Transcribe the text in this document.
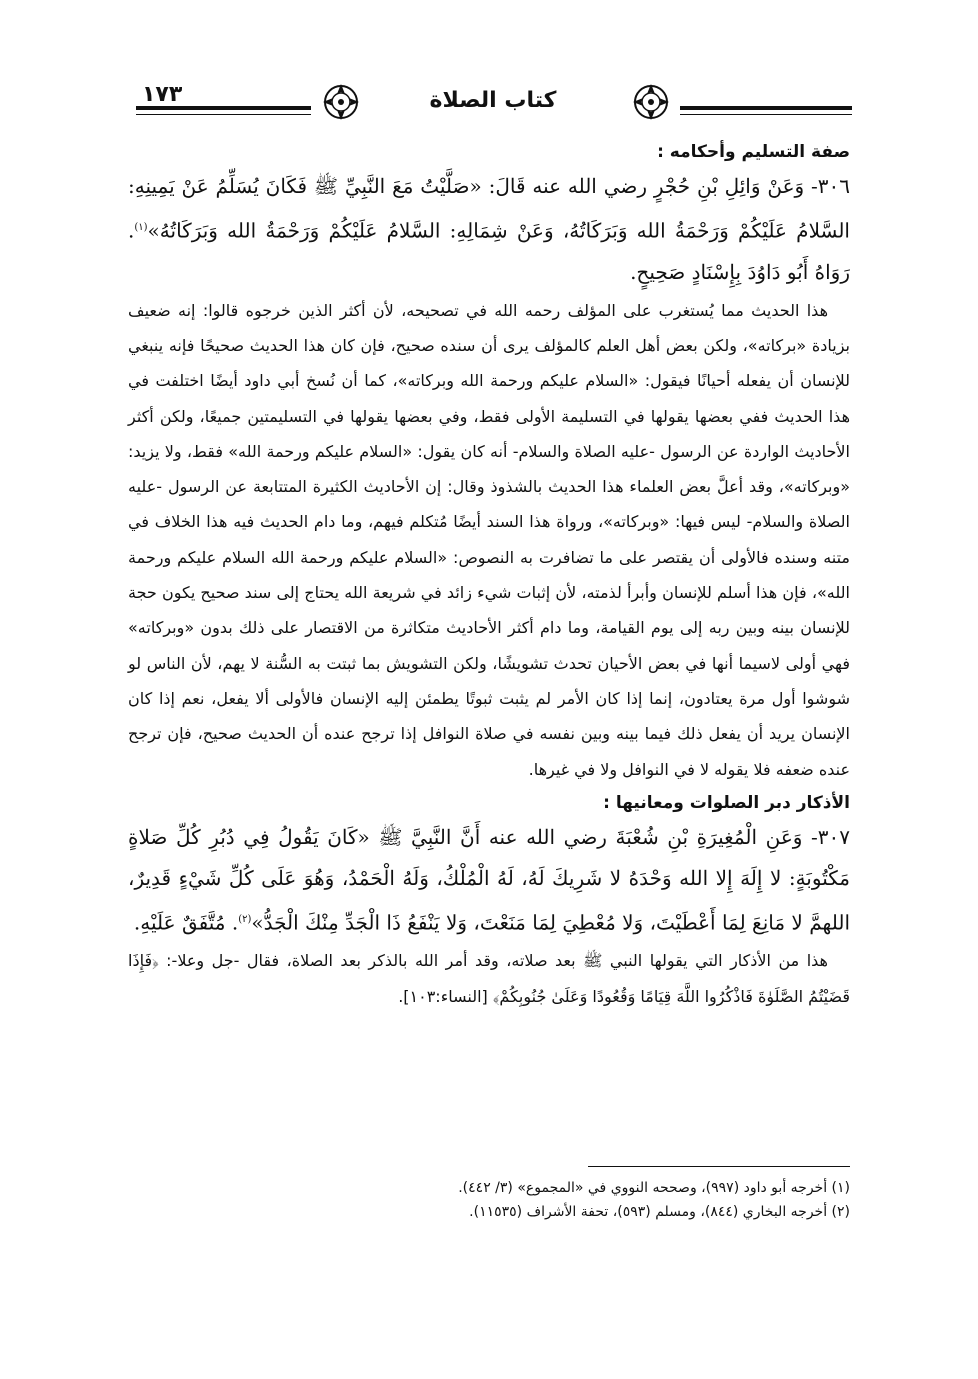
١٧٣	كتاب الصلاة

صفة التسليم وأحكامه :

٣٠٦- وَعَنْ وَائِلِ بْنِ حُجْرٍ رضي الله عنه قَالَ: «صَلَّيْتُ مَعَ النَّبِيِّ ﷺ فَكَانَ يُسَلِّمُ عَنْ يَمِينِهِ: السَّلامُ عَلَيْكُمْ وَرَحْمَةُ الله وَبَرَكَاتُهُ، وَعَنْ شِمَالِهِ: السَّلامُ عَلَيْكُمْ وَرَحْمَةُ الله وَبَرَكَاتُهُ»$^{(١)}$. رَوَاهُ أَبُو دَاوُدَ بِإِسْنَادٍ صَحِيحٍ.

هذا الحديث مما يُستغرب على المؤلف رحمه الله في تصحيحه، لأن أكثر الذين خرجوه قالوا: إنه ضعيف بزيادة «بركاته»، ولكن بعض أهل العلم كالمؤلف يرى أن سنده صحيح، فإن كان هذا الحديث صحيحًا فإنه ينبغي للإنسان أن يفعله أحيانًا فيقول: «السلام عليكم ورحمة الله وبركاته»، كما أن نُسخ أبي داود أيضًا اختلفت في هذا الحديث ففي بعضها يقولها في التسليمة الأولى فقط، وفي بعضها يقولها في التسليمتين جميعًا، ولكن أكثر الأحاديث الواردة عن الرسول -عليه الصلاة والسلام- أنه كان يقول: «السلام عليكم ورحمة الله» فقط، ولا يزيد: «وبركاته»، وقد أعلَّ بعض العلماء هذا الحديث بالشذوذ وقال: إن الأحاديث الكثيرة المتتابعة عن الرسول -عليه الصلاة والسلام- ليس فيها: «وبركاته»، ورواة هذا السند أيضًا مُتكلم فيهم، وما دام الحديث فيه هذا الخلاف في متنه وسنده فالأولى أن يقتصر على ما تضافرت به النصوص: «السلام عليكم ورحمة الله السلام عليكم ورحمة الله»، فإن هذا أسلم للإنسان وأبرأ لذمته، لأن إثبات شيء زائد في شريعة الله يحتاج إلى سند صحيح يكون حجة للإنسان بينه وبين ربه إلى يوم القيامة، وما دام أكثر الأحاديث متكاثرة من الاقتصار على ذلك بدون «وبركاته» فهي أولى لاسيما أنها في بعض الأحيان تحدث تشويشًا، ولكن التشويش بما ثبتت به السُّنة لا يهم، لأن الناس لو شوشوا أول مرة يعتادون، إنما إذا كان الأمر لم يثبت ثبوتًا يطمئن إليه الإنسان فالأولى ألا يفعل، نعم إذا كان الإنسان يريد أن يفعل ذلك فيما بينه وبين نفسه في صلاة النوافل إذا ترجح عنده أن الحديث صحيح، فإن ترجح عنده ضعفه فلا يقوله لا في النوافل ولا في غيرها.

الأذكار دبر الصلوات ومعانيها :

٣٠٧- وَعَنِ الْمُغِيرَةِ بْنِ شُعْبَةَ رضي الله عنه أَنَّ النَّبِيَّ ﷺ «كَانَ يَقُولُ فِي دُبُرِ كُلِّ صَلاةٍ مَكْتُوبَةٍ: لا إِلَهَ إِلا الله وَحْدَهُ لا شَرِيكَ لَهُ، لَهُ الْمُلْكُ، وَلَهُ الْحَمْدُ، وَهُوَ عَلَى كُلِّ شَيْءٍ قَدِيرٌ، اللهمَّ لا مَانِعَ لِمَا أَعْطَيْتَ، وَلا مُعْطِيَ لِمَا مَنَعْتَ، وَلا يَنْفَعُ ذَا الْجَدِّ مِنْكَ الْجَدُّ»$^{(٢)}$. مُتَّفَقٌ عَلَيْهِ.

هذا من الأذكار التي يقولها النبي ﷺ بعد صلاته، وقد أمر الله بالذكر بعد الصلاة، فقال -جل وعلا-: ﴿فَإِذَا قَضَيْتُمُ الصَّلَوٰةَ فَاذْكُرُوا اللَّهَ قِيَامًا وَقُعُودًا وَعَلَىٰ جُنُوبِكُمْ﴾ [النساء:١٠٣].

(١) أخرجه أبو داود (٩٩٧)، وصححه النووي في «المجموع» (٣/ ٤٤٢).

(٢) أخرجه البخاري (٨٤٤)، ومسلم (٥٩٣)، تحفة الأشراف (١١٥٣٥).
